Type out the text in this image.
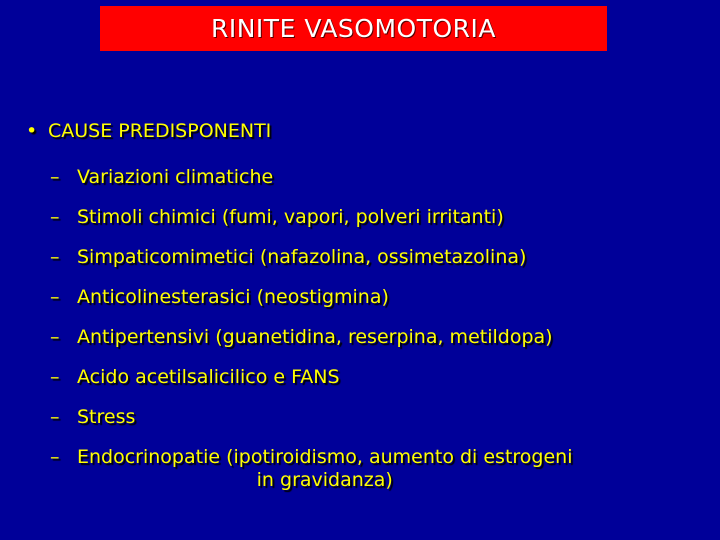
RINITE VASOMOTORIA
• CAUSE PREDISPONENTI
– Variazioni climatiche
– Stimoli chimici (fumi, vapori, polveri irritanti)
– Simpaticomimetici (nafazolina, ossimetazolina)
– Anticolinesterasici (neostigmina)
– Antipertensivi (guanetidina, reserpina, metildopa)
– Acido acetilsalicilico e FANS
– Stress
– Endocrinopatie (ipotiroidismo, aumento di estrogeni
in gravidanza)
